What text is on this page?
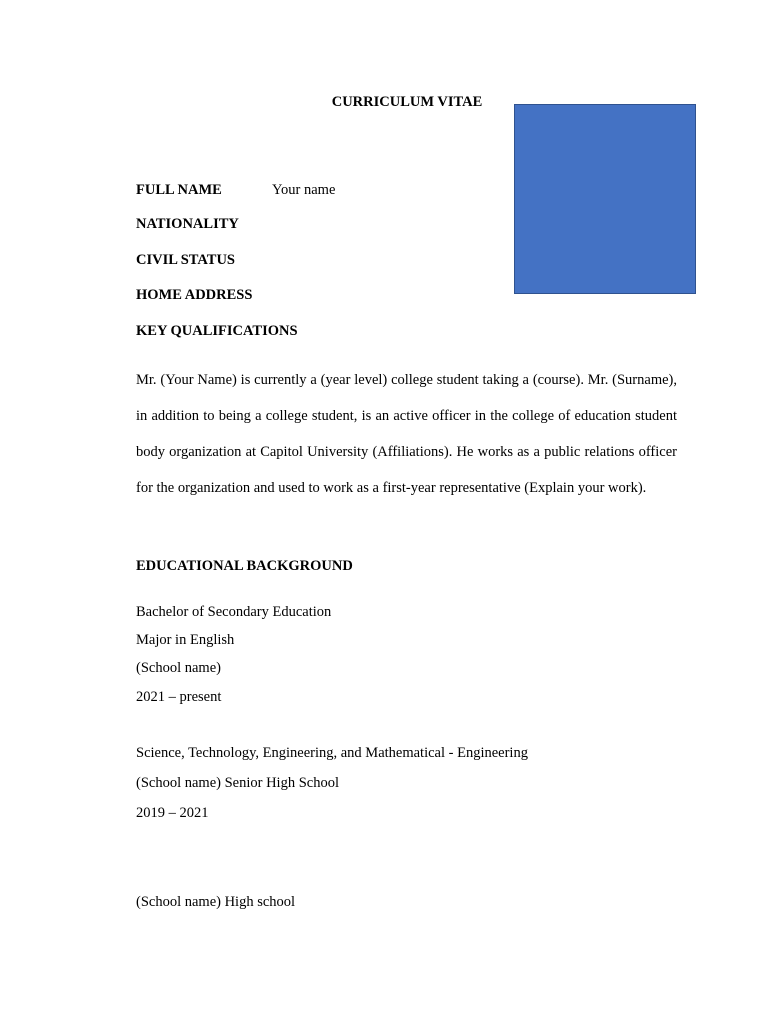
CURRICULUM VITAE
FULL NAME	Your name
NATIONALITY
CIVIL STATUS
HOME ADDRESS
KEY QUALIFICATIONS
Mr. (Your Name) is currently a (year level) college student taking a (course). Mr. (Surname), in addition to being a college student, is an active officer in the college of education student body organization at Capitol University (Affiliations). He works as a public relations officer for the organization and used to work as a first-year representative (Explain your work).
EDUCATIONAL BACKGROUND
Bachelor of Secondary Education
Major in English
(School name)
2021 – present
Science, Technology, Engineering, and Mathematical - Engineering
(School name) Senior High School
2019 – 2021
(School name) High school
